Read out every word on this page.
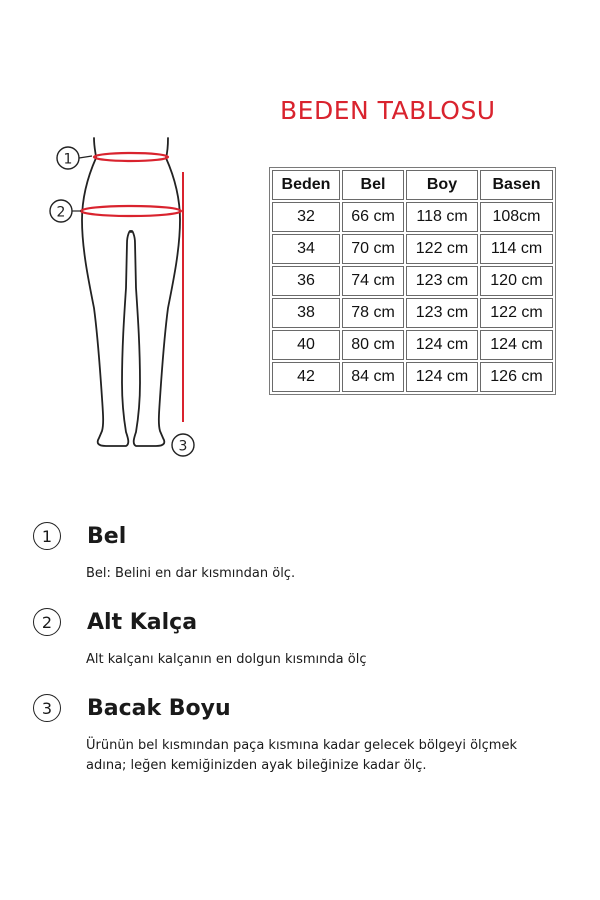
BEDEN TABLOSU
1
2
3
Beden	Bel	Boy	Basen
32	66 cm	118 cm	108cm
34	70 cm	122 cm	114 cm
36	74 cm	123 cm	120 cm
38	78 cm	123 cm	122 cm
40	80 cm	124 cm	124 cm
42	84 cm	124 cm	126 cm
1	Bel
Bel: Belini en dar kısmından ölç.
2	Alt Kalça
Alt kalçanı kalçanın en dolgun kısmında ölç
3	Bacak Boyu
Ürünün bel kısmından paça kısmına kadar gelecek bölgeyi ölçmek adına; leğen kemiğinizden ayak bileğinize kadar ölç.
